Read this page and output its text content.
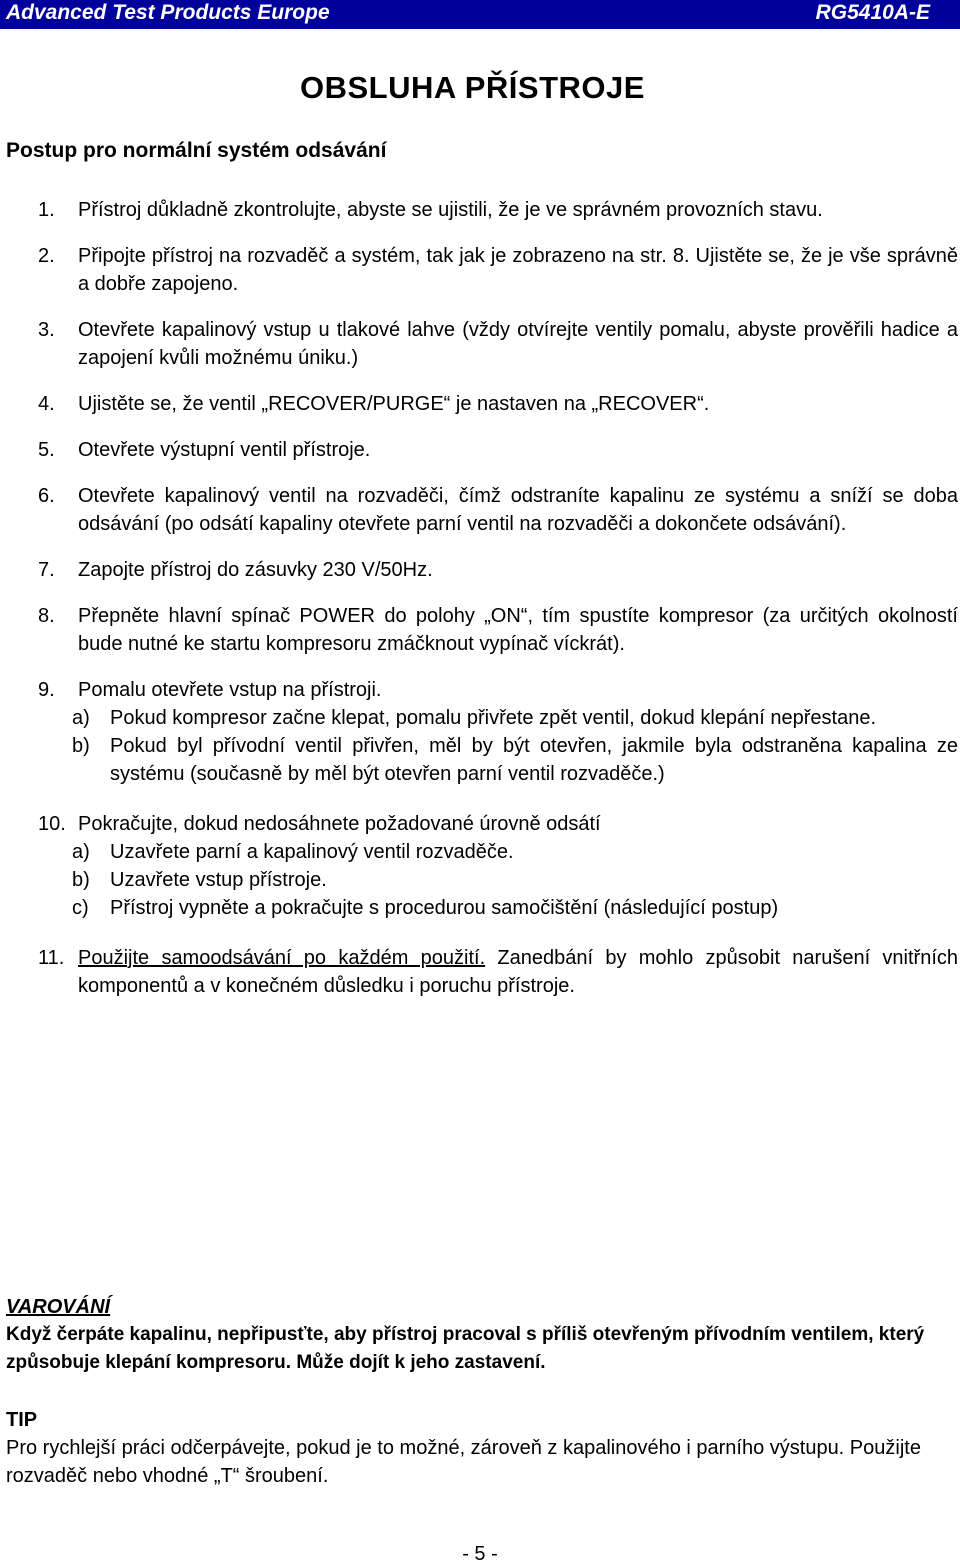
Advanced Test Products Europe	RG5410A-E
OBSLUHA PŘÍSTROJE
Postup pro normální systém odsávání
1. Přístroj důkladně zkontrolujte, abyste se ujistili, že je ve správném provozních stavu.
2. Připojte přístroj na rozvaděč a systém, tak jak je zobrazeno na str. 8. Ujistěte se, že je vše správně a dobře zapojeno.
3. Otevřete kapalinový vstup u tlakové lahve (vždy otvírejte ventily pomalu, abyste prověřili hadice a zapojení kvůli možnému úniku.)
4. Ujistěte se, že ventil „RECOVER/PURGE“ je nastaven na „RECOVER“.
5. Otevřete výstupní ventil přístroje.
6. Otevřete kapalinový ventil na rozvaděči, čímž odstraníte kapalinu ze systému a sníží se doba odsávání (po odsátí kapaliny otevřete parní ventil na rozvaděči a dokončete odsávání).
7. Zapojte přístroj do zásuvky 230 V/50Hz.
8. Přepněte hlavní spínač POWER do polohy „ON“, tím spustíte kompresor (za určitých okolností bude nutné ke startu kompresoru zmáčknout vypínač víckrát).
9. Pomalu otevřete vstup na přístroji.
a) Pokud kompresor začne klepat, pomalu přivřete zpět ventil, dokud klepání nepřestane.
b) Pokud byl přívodní ventil přivřen, měl by být otevřen, jakmile byla odstraněna kapalina ze systému (současně by měl být otevřen parní ventil rozvaděče.)
10. Pokračujte, dokud nedosáhnete požadované úrovně odsátí
a) Uzavřete parní a kapalinový ventil rozvaděče.
b) Uzavřete vstup přístroje.
c) Přístroj vypněte a pokračujte s procedurou samočištění (následující postup)
11. Použijte samoodsávání po každém použití. Zanedbání by mohlo způsobit narušení vnitřních komponentů a v konečném důsledku i poruchu přístroje.
VAROVÁNÍ
Když čerpáte kapalinu, nepřipusťte, aby přístroj pracoval s příliš otevřeným přívodním ventilem, který způsobuje klepání kompresoru. Může dojít k jeho zastavení.
TIP
Pro rychlejší práci odčerpávejte, pokud je to možné, zároveň z kapalinového i parního výstupu. Použijte rozvaděč nebo vhodné „T“ šroubení.
- 5 -
